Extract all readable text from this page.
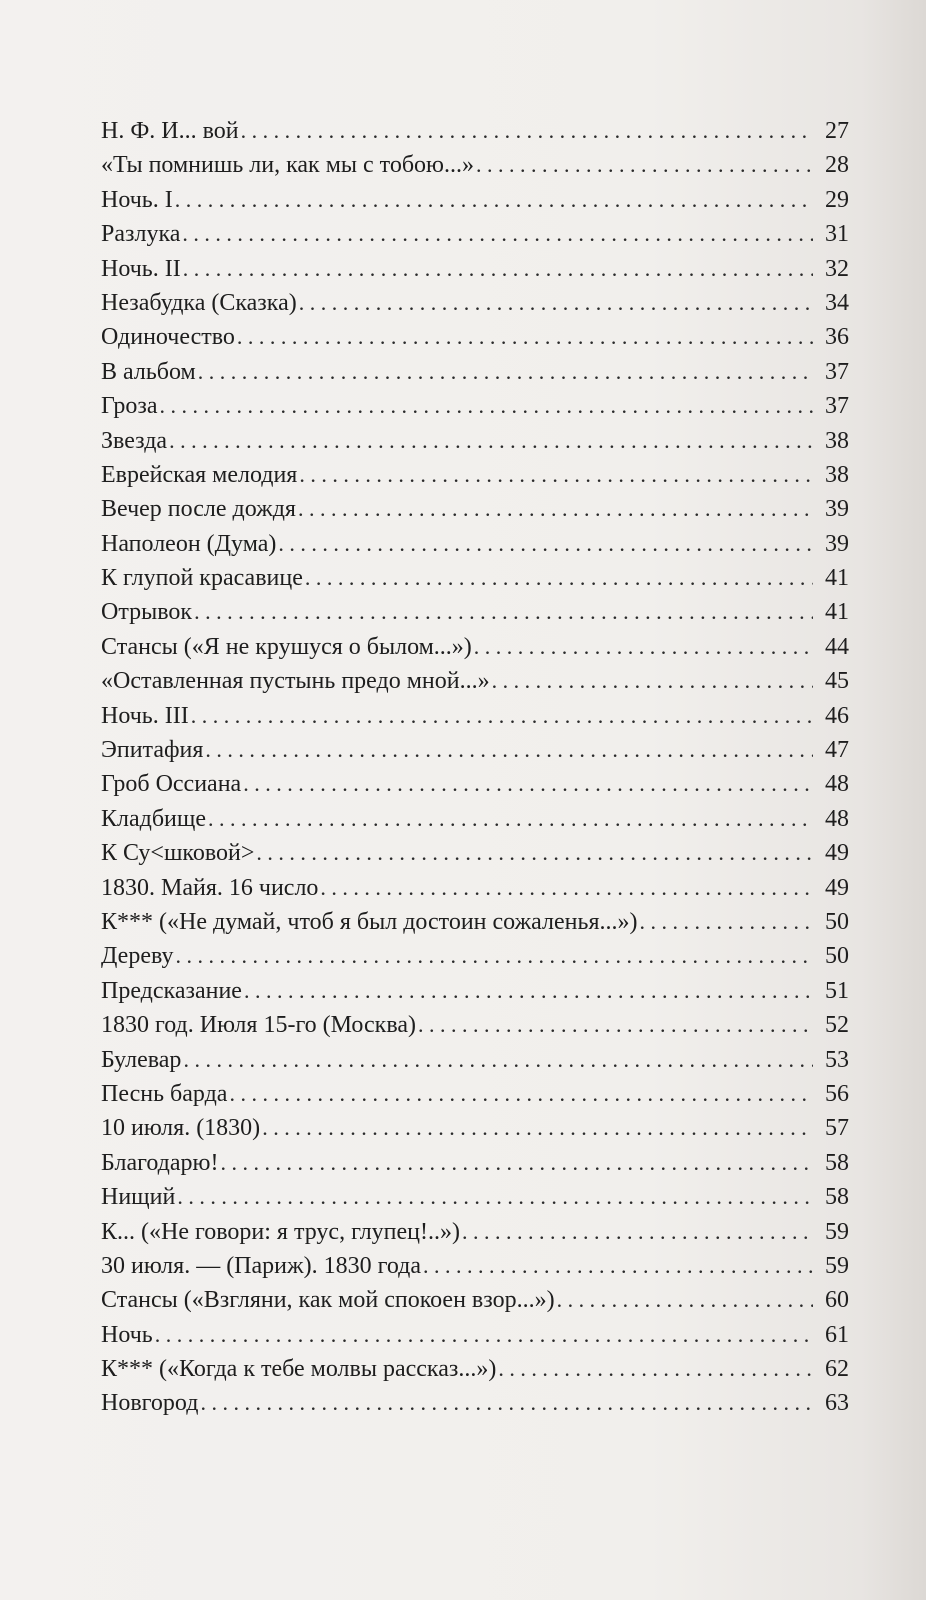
Н. Ф. И... вой . . .	27
«Ты помнишь ли, как мы с тобою...» . . .	28
Ночь. I . . .	29
Разлука . . .	31
Ночь. II . . .	32
Незабудка (Сказка) . . .	34
Одиночество . . .	36
В альбом . . .	37
Гроза . . .	37
Звезда . . .	38
Еврейская мелодия . . .	38
Вечер после дождя . . .	39
Наполеон (Дума) . . .	39
К глупой красавице . . .	41
Отрывок . . .	41
Стансы («Я не крушуся о былом...») . . .	44
«Оставленная пустынь предо мной...» . . .	45
Ночь. III . . .	46
Эпитафия . . .	47
Гроб Оссиана . . .	48
Кладбище . . .	48
К Су<шковой> . . .	49
1830. Майя. 16 число . . .	49
К*** («Не думай, чтоб я был достоин сожаленья...») . . .	50
Дереву . . .	50
Предсказание . . .	51
1830 год. Июля 15-го (Москва) . . .	52
Булевар . . .	53
Песнь барда . . .	56
10 июля. (1830) . . .	57
Благодарю! . . .	58
Нищий . . .	58
К... («Не говори: я трус, глупец!..») . . .	59
30 июля. — (Париж). 1830 года . . .	59
Стансы («Взгляни, как мой спокоен взор...») . . .	60
Ночь . . .	61
К*** («Когда к тебе молвы рассказ...») . . .	62
Новгород . . .	63
